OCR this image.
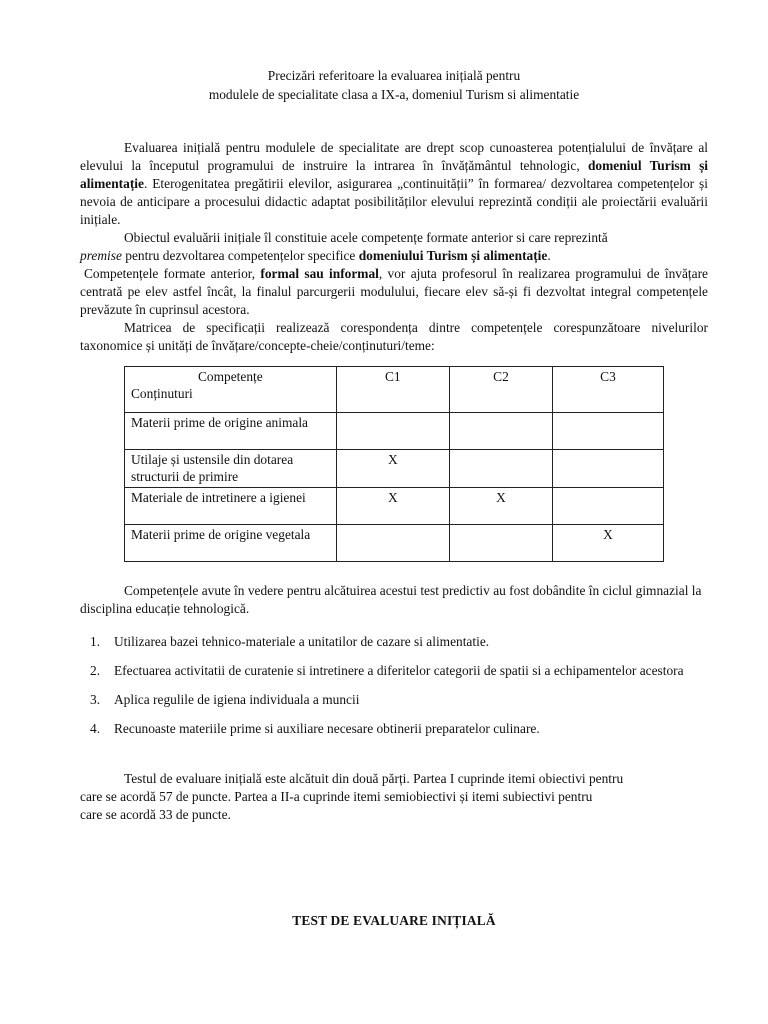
Precizări referitoare la evaluarea inițială pentru
modulele de specialitate clasa a IX-a, domeniul Turism si alimentatie

Evaluarea inițială pentru modulele de specialitate are drept scop cunoasterea potențialului de învățare al elevului la începutul programului de instruire la intrarea în învățământul tehnologic, domeniul Turism și alimentație. Eterogenitatea pregătirii elevilor, asigurarea „continuității” în formarea/ dezvoltarea competențelor și nevoia de anticipare a procesului didactic adaptat posibilităților elevului reprezintă condiții ale proiectării evaluării inițiale.

Obiectul evaluării inițiale îl constituie acele competențe formate anterior si care reprezintă
premise pentru dezvoltarea competențelor specifice domeniului Turism și alimentație.

Competențele formate anterior, formal sau informal, vor ajuta profesorul în realizarea programului de învățare centrată pe elev astfel încât, la finalul parcurgerii modulului, fiecare elev să-și fi dezvoltat integral competențele prevăzute în cuprinsul acestora.

Matricea de specificații realizează corespondența dintre competențele corespunzătoare nivelurilor taxonomice și unități de învățare/concepte-cheie/conținuturi/teme:

Competențe
Conținuturi	C1	C2	C3
Materii prime de origine animala			
Utilaje și ustensile din dotarea structurii de primire	X		
Materiale de intretinere a igienei	X	X	
Materii prime de origine vegetala			X

Competențele avute în vedere pentru alcătuirea acestui test predictiv au fost dobândite în ciclul gimnazial la disciplina educație tehnologică.

1. Utilizarea bazei tehnico-materiale a unitatilor de cazare si alimentatie.
2. Efectuarea activitatii de curatenie si intretinere a diferitelor categorii de spatii si a echipamentelor acestora
3. Aplica regulile de igiena individuala a muncii
4. Recunoaste materiile prime si auxiliare necesare obtinerii preparatelor culinare.
Testul de evaluare inițială este alcătuit din două părți. Partea I cuprinde itemi obiectivi pentru
care se acordă 57 de puncte. Partea a II-a cuprinde itemi semiobiectivi și itemi subiectivi pentru
care se acordă 33 de puncte.
TEST DE EVALUARE INIȚIALĂ
